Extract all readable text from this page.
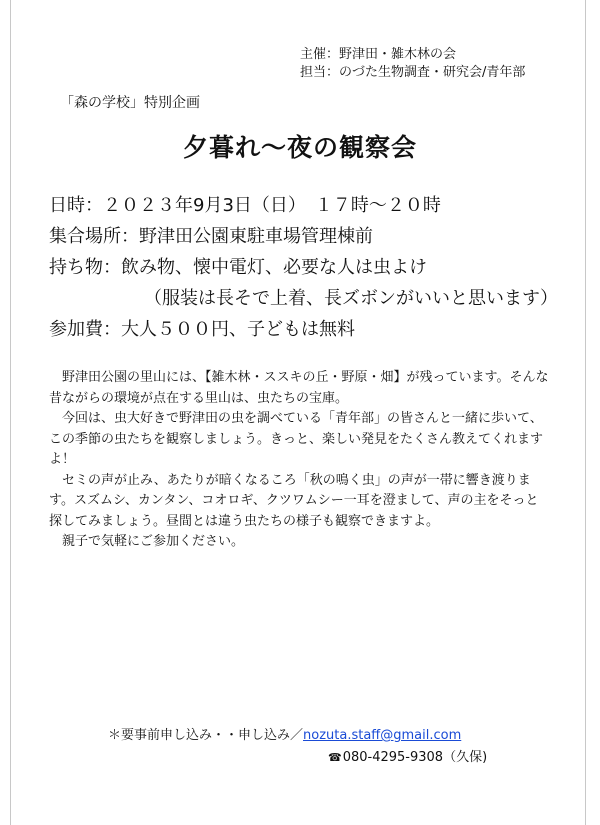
主催：野津田・雑木林の会
担当：のづた生物調査・研究会/青年部
「森の学校」特別企画
夕暮れ〜夜の観察会
日時：２０２３年9月3日（日）　１７時〜２０時
集合場所：野津田公園東駐車場管理棟前
持ち物：飲み物、懐中電灯、必要な人は虫よけ
（服装は長そで上着、長ズボンがいいと思います）
参加費：大人５００円、子どもは無料

野津田公園の里山には、【雑木林・ススキの丘・野原・畑】が残っています。そんな昔ながらの環境が点在する里山は、虫たちの宝庫。

今回は、虫大好きで野津田の虫を調べている「青年部」の皆さんと一緒に歩いて、この季節の虫たちを観察しましょう。きっと、楽しい発見をたくさん教えてくれますよ！

セミの声が止み、あたりが暗くなるころ「秋の鳴く虫」の声が一帯に響き渡ります。スズムシ、カンタン、コオロギ、クツワムシー一耳を澄まして、声の主をそっと探してみましょう。昼間とは違う虫たちの様子も観察できますよ。

親子で気軽にご参加ください。

＊要事前申し込み・・申し込み／nozuta.staff@gmail.com
☎080-4295-9308（久保)
